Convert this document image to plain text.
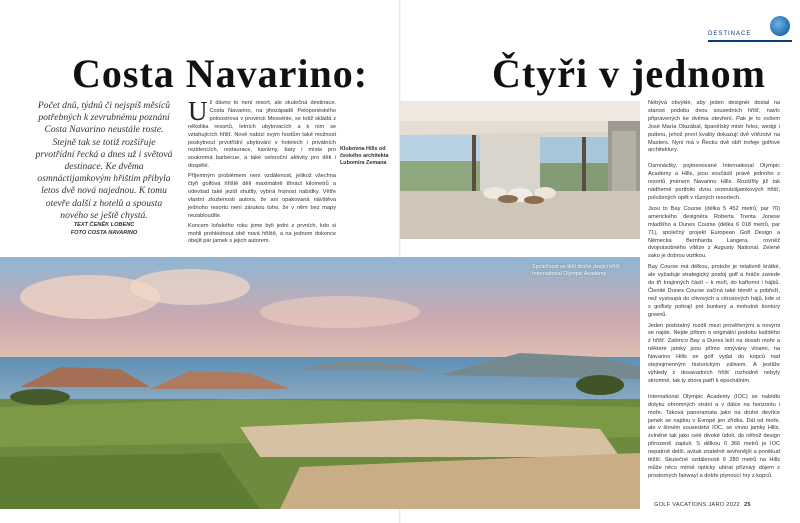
DESTINACE
Costa Navarino:	Čtyři v jednom

Počet dnů, týdnů či nejspíš měsíců potřebných k zevrubnému poznání Costa Navarino neustále roste. Stejně tak se totiž rozšiřuje prvotřídní řecká a dnes už i světová destinace. Ke dvěma osmnáctijamkovým hřištím přibyla letos dvě nová najednou. K tomu otevře další z hotelů a spousta nového se ještě chystá.

TEXT ČENĚK LOBENC

FOTO COSTA NAVARINO

Už dávno to není resort, ale skutečná destinace. Costa Navarino, na jihozápadě Peloponéského poloostrova v provincii Messénie, se totiž skládá z několika resortů, letních ubytovacích a k nim se vztahujících hřišť. Nově nabízí svým hostům také možnost poskytnout prvotřídní ubytování v hotelech i privátních rezidencích, restaurace, kavárny, bary i místa pro soukromá barbecue, a také celoroční aktivity pro děti i dospělé.

Příjemným problémem není vzdálenost, jelikož všechna čtyři golfová hřiště dělí maximálně třináct kilometrů a odevšad také jezdí shuttly, vybírá hojnost nabídky. Větře vlastní zkušenosti autora, že ani opakovaná návštěva jednoho resortu není zárukou toho, že v něm bez mapy nezabloudíte.

Koncem loňského roku jsme byli jedni z prvních, kdo si mohli prohlédnout obě nová hřiště, a na jednom dokonce obejít pár jamek s jejich autorem.

Klubovna Hills od českého architekta Lubomíra Zemana

Společnost se těší druhé dvojici hřišť International Olympic Academy

Nebývá obvyklé, aby jeden designér dostal na starost podobu dvou sousedních hřišť, navíc připravených ke dvěma otevření. Pak je to ovšem José María Olazábal, španělský mistr řelez, wedgí i putteru, jehož první kvality dokazují dvě vítězství na Masters. Nyní má v Řecku dvě obří trofeje golfové architektury.

Osmnáctky, pojmenované International Olympic Academy a Hills, jsou součástí právě jednoho z resortů jménem Navarino Hills. Rozšířily již tak nádherné portfolio dvou osmnáctijamkových hřišť, položených opět v různých resortech.

Jsou to Bay Course (délka 5 452 metrů, par 70) amerického designéra Roberta Trenta Jonese mladšího a Dunes Course (délka 6 018 metrů, par 71), společný projekt European Golf Design a Německa Bernharda Langera, rovněž dvojnásobného vítěze z Augusty National. Zelené sako je dobrou vizitkou.

Bay Course má délkou, protože je relativně krátké, ale vyžaduje strategický postoj golf a hráče zavede do tří krajinných částí – k moři, do kařtonní i hájků. Členité Dunes Course začíná také téměř u pobřeží, než vystoupá do olivových a citrusových hájů, kde si s golfisty pohrají pot bunkery a mohutné kontury greenů.

Jeden podstatný rozdíl mezi prověřenými a novými se najde. Nejde přitom o originální podobu každého z hřišť. Zatímco Bay a Dunes leží na dosah moře a některé jamky jsou přímo omývány vlnami, na Navarino Hills se golf vydal do kopců nad stejnojmenným historickým zálivem. A jestliže výhledy z dosavadních hřišť rozhodně nebyly skromné, tak ty shora patří k epochálním.

International Olympic Academy (IOC) se nabídlo dotyku ohromných strání a v dálce na horizontu i moře. Taková panoramata jako na druhé devítce jamek se najdou v Evropě jen zřídka. Dál od moře, ale v širném sousedství IOC, se vinou jamky Hills, zvlněné tak jako celé divoké údolí, do něhož design přirozeně zapluli. S délkou 6 366 metrů je IOC nepatrně delší, avšak znatelně sevřenější a poněkud těžší. Skutečné vzdálenosti 6 280 metrů na Hills může něco mírně opticky ubírat příznivý dojem z prostorných fairwayí a dobře plynoucí hry z kopců.

GOLF VACATIONS JARO 2022 25
